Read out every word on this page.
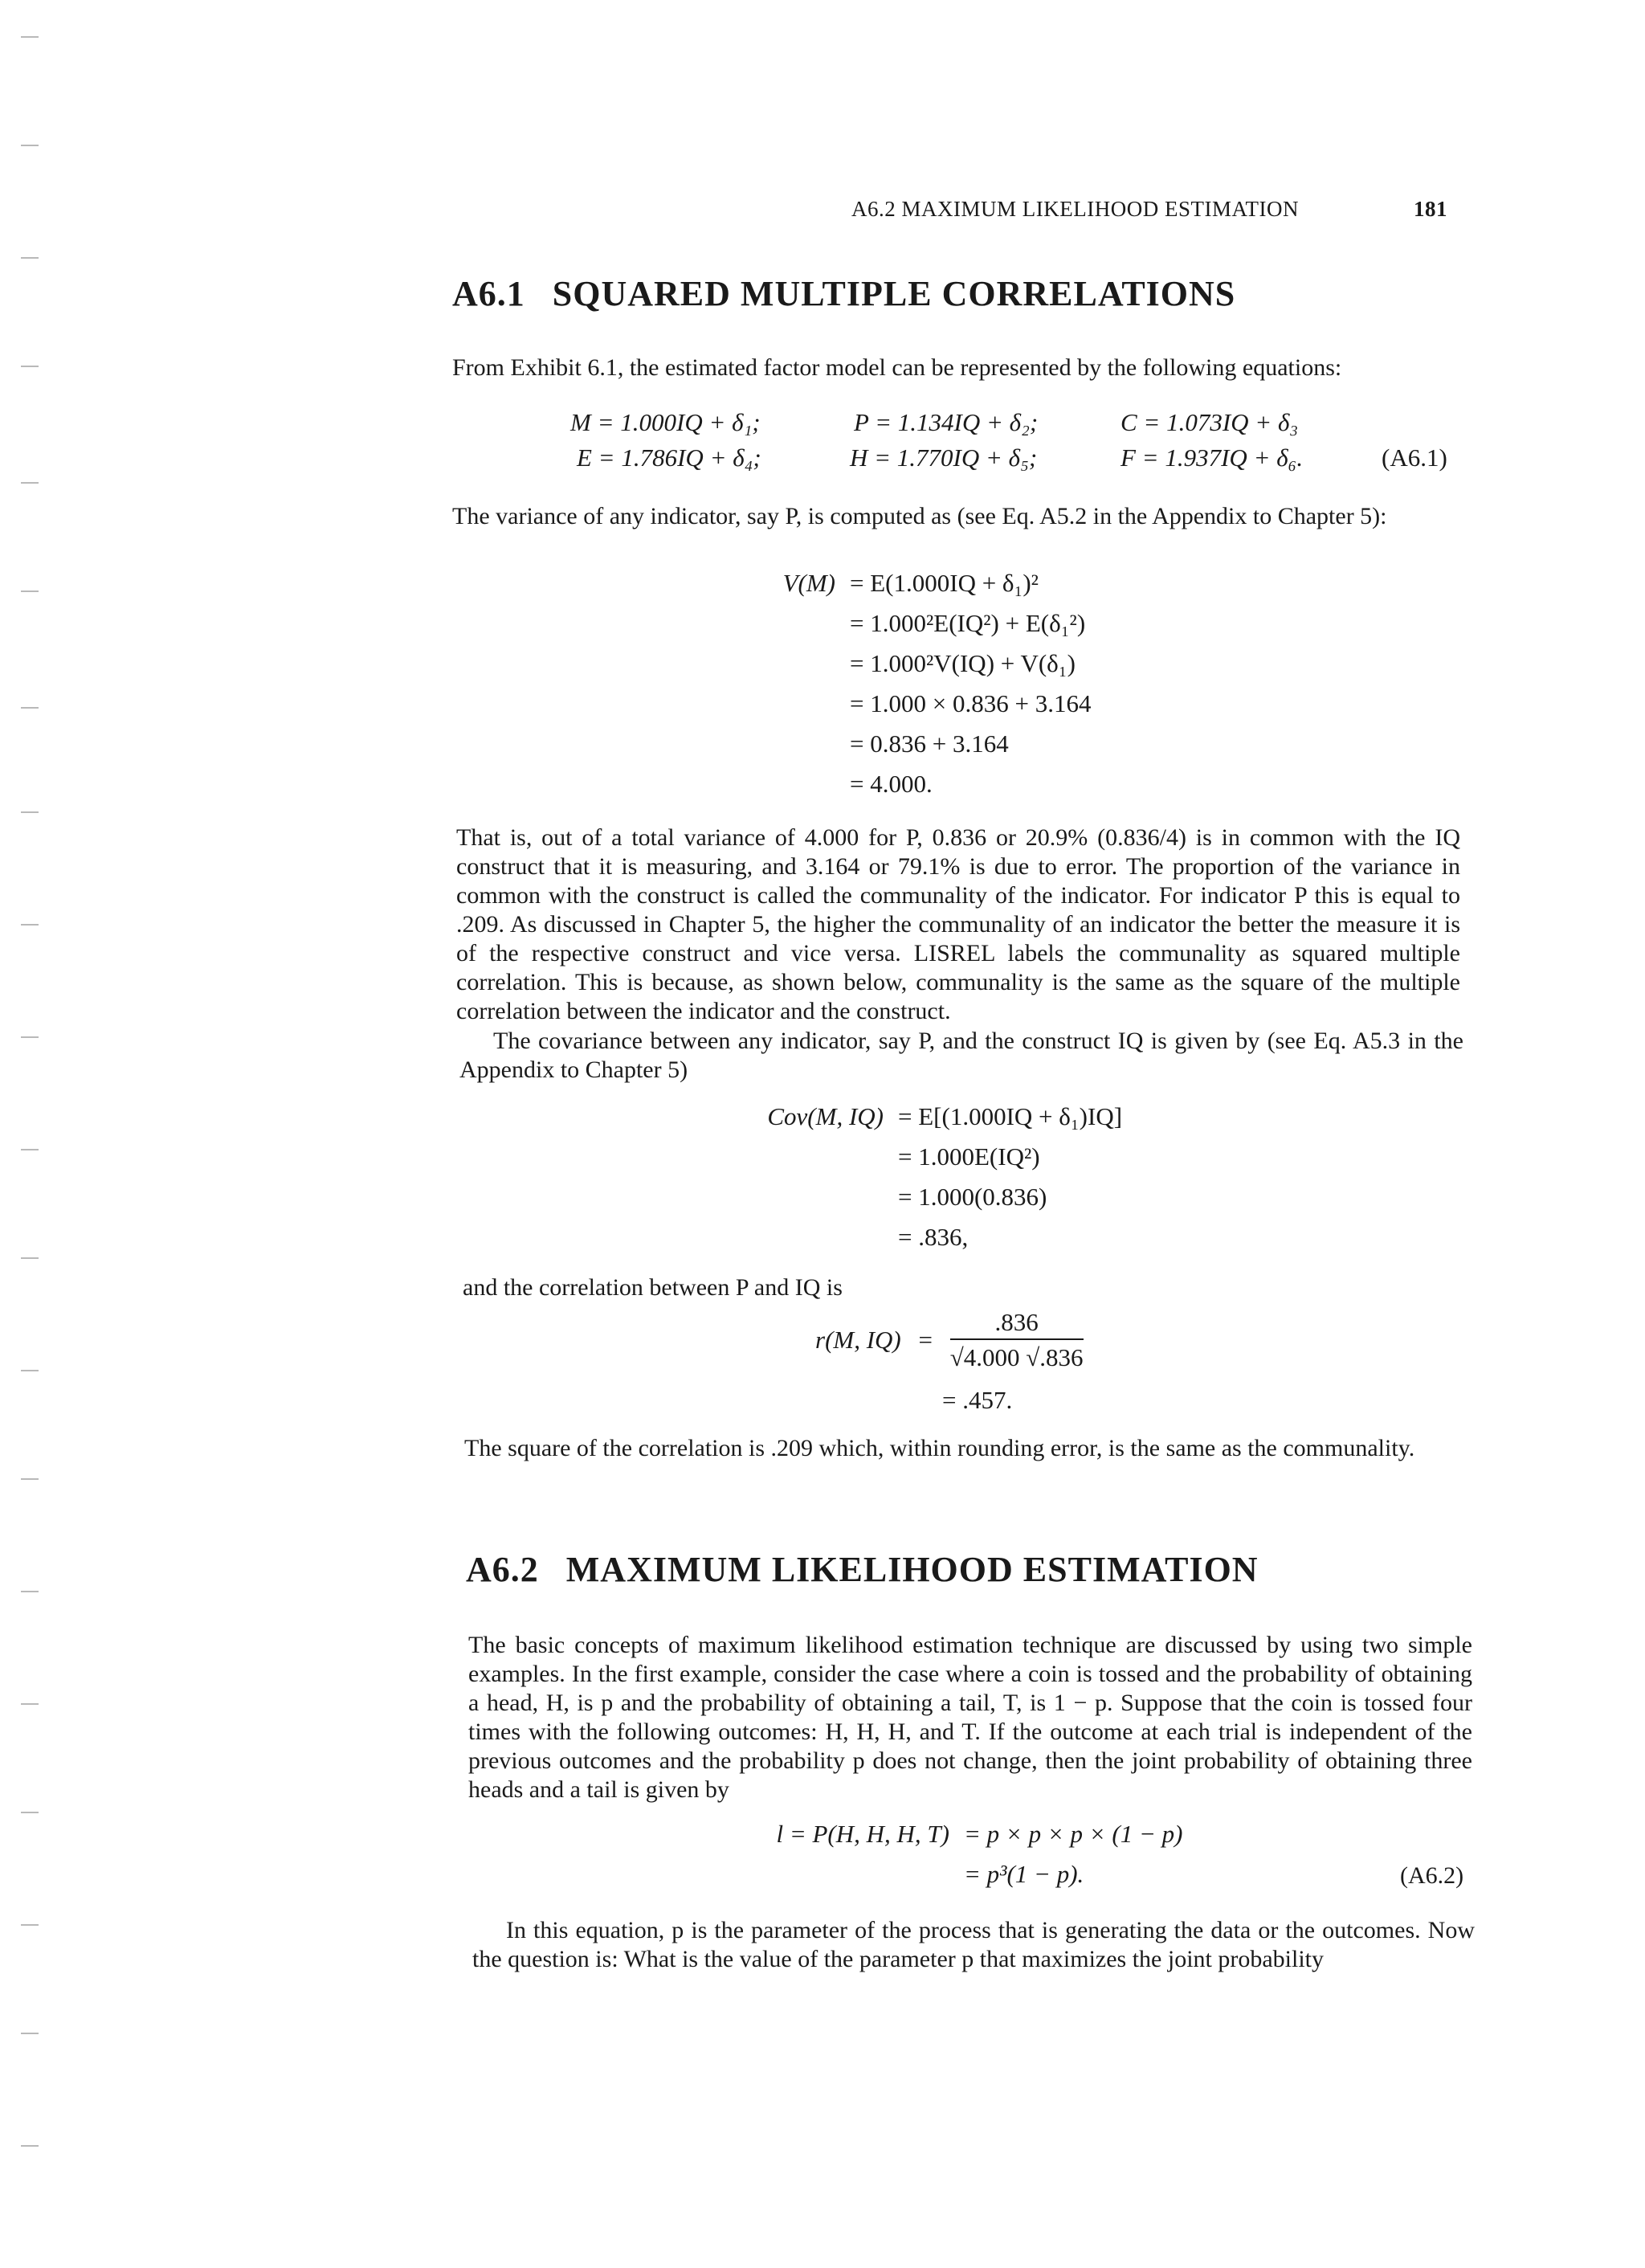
A6.2 MAXIMUM LIKELIHOOD ESTIMATION	181
A6.1 SQUARED MULTIPLE CORRELATIONS

From Exhibit 6.1, the estimated factor model can be represented by the following equations:

M = 1.000IQ + δ₁;	P = 1.134IQ + δ₂;	C = 1.073IQ + δ₃
E = 1.786IQ + δ₄;	H = 1.770IQ + δ₅;	F = 1.937IQ + δ₆.	(A6.1)

The variance of any indicator, say P, is computed as (see Eq. A5.2 in the Appendix to Chapter 5):

V(M) = E(1.000IQ + δ₁)²
= 1.000²E(IQ²) + E(δ₁²)
= 1.000²V(IQ) + V(δ₁)
= 1.000 × 0.836 + 3.164
= 0.836 + 3.164
= 4.000.

That is, out of a total variance of 4.000 for P, 0.836 or 20.9% (0.836/4) is in common with the IQ construct that it is measuring, and 3.164 or 79.1% is due to error. The proportion of the variance in common with the construct is called the communality of the indicator. For indicator P this is equal to .209. As discussed in Chapter 5, the higher the communality of an indicator the better the measure it is of the respective construct and vice versa. LISREL labels the communality as squared multiple correlation. This is because, as shown below, communality is the same as the square of the multiple correlation between the indicator and the construct.

The covariance between any indicator, say P, and the construct IQ is given by (see Eq. A5.3 in the Appendix to Chapter 5)

Cov(M, IQ) = E[(1.000IQ + δ₁)IQ]
= 1.000E(IQ²)
= 1.000(0.836)
= .836,

and the correlation between P and IQ is

r(M, $IQ) = \frac{.836}{√4.000 √.836}$
= .457.

The square of the correlation is .209 which, within rounding error, is the same as the communality.

A6.2 MAXIMUM LIKELIHOOD ESTIMATION

The basic concepts of maximum likelihood estimation technique are discussed by using two simple examples. In the first example, consider the case where a coin is tossed and the probability of obtaining a head, H, is p and the probability of obtaining a tail, T, is 1 − p. Suppose that the coin is tossed four times with the following outcomes: H, H, H, and T. If the outcome at each trial is independent of the previous outcomes and the probability p does not change, then the joint probability of obtaining three heads and a tail is given by

l = P(H, H, H, T) = p × p × p × (1 − p)
= p³(1 − p).	(A6.2)

In this equation, p is the parameter of the process that is generating the data or the outcomes. Now the question is: What is the value of the parameter p that maximizes the joint probability
